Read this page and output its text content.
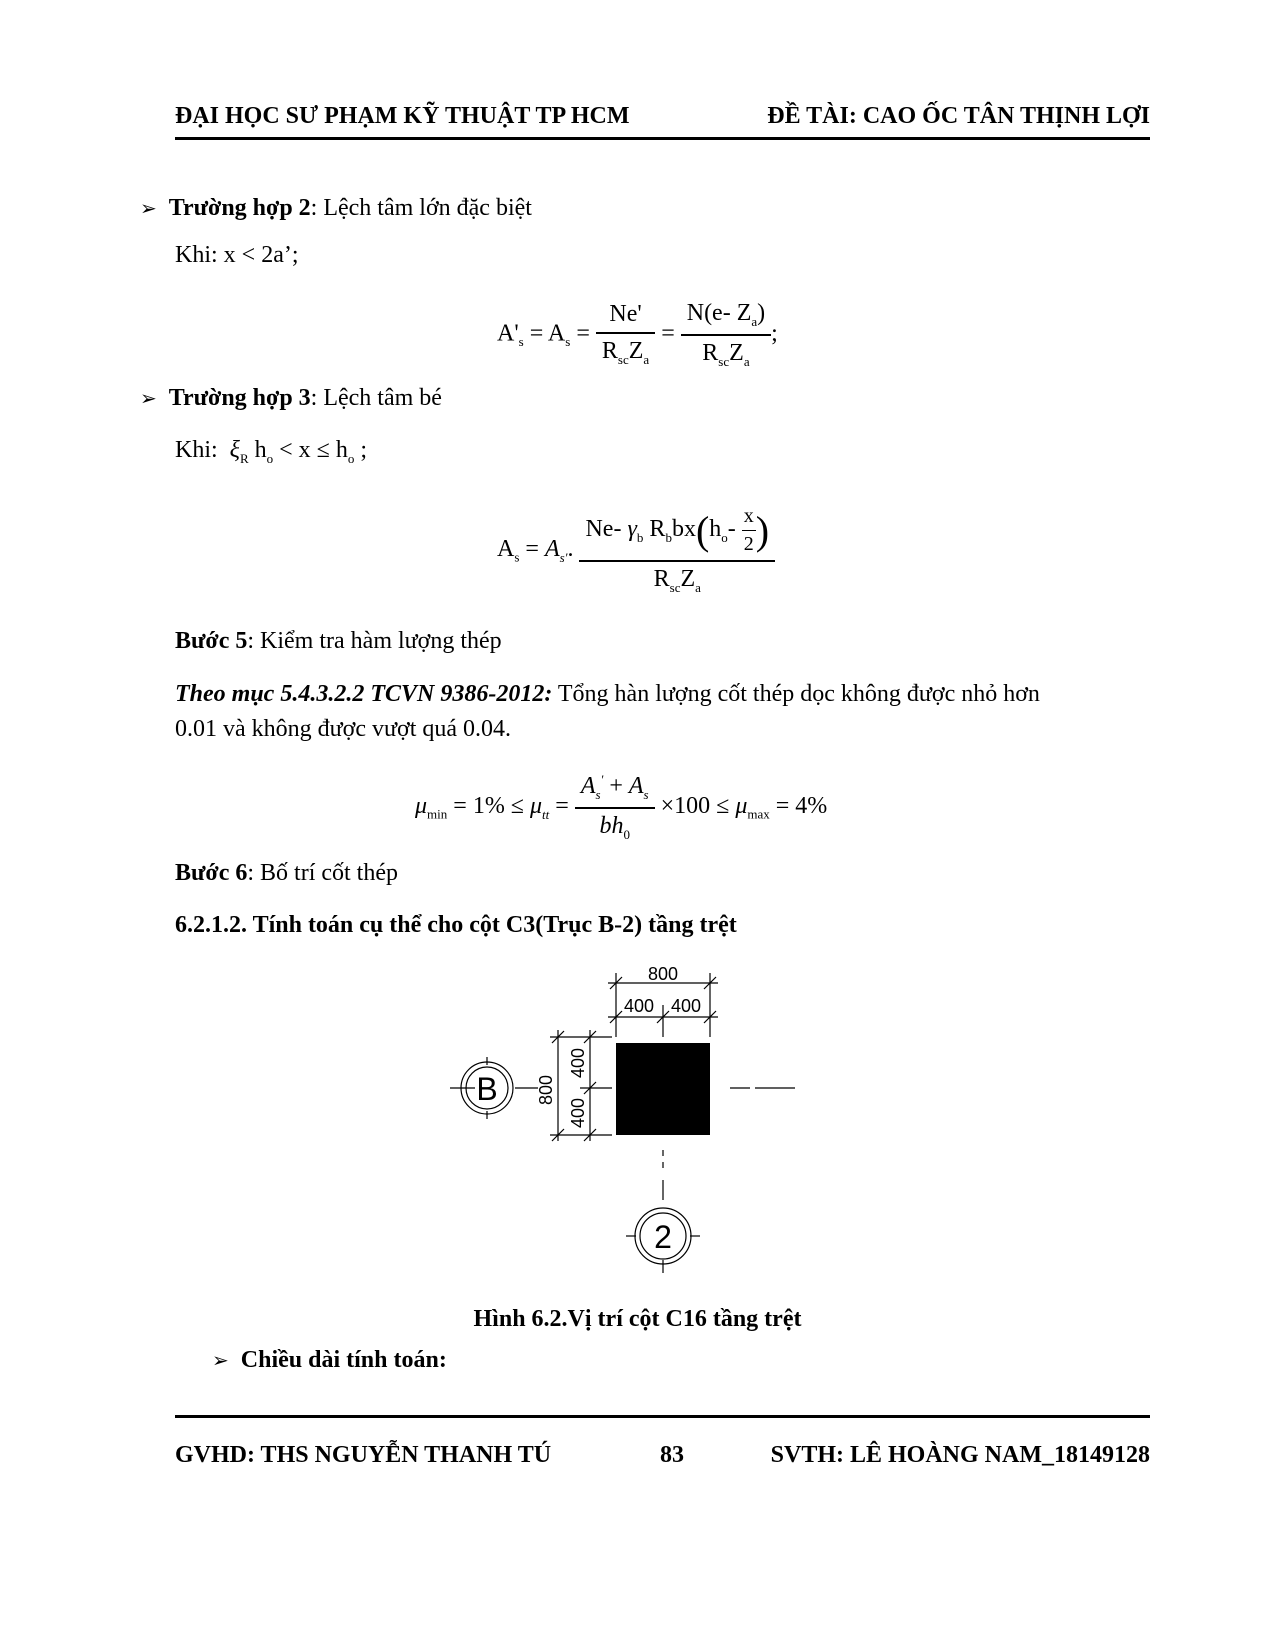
ĐẠI HỌC SƯ PHẠM KỸ THUẬT TP HCM	ĐỀ TÀI: CAO ỐC TÂN THỊNH LỢI
➢ Trường hợp 2: Lệch tâm lớn đặc biệt
Khi: x < 2a’;
$A'_s = A_s = \frac{Ne'}{R_{sc}Z_a} = \frac{N(e- Z_a)}{R_{sc}Z_a}$ ;
➢ Trường hợp 3: Lệch tâm bé
Khi: $\xi_R$ $h_o < x \le h_o$ ;
$A_s = A_{s'}$. $\frac{Ne- \gamma_b R_bbx(h_o- \frac{x}{2} )}{R_{sc}Z_a}$
Bước 5: Kiểm tra hàm lượng thép
Theo mục 5.4.3.2.2 TCVN 9386-2012: Tổng hàn lượng cốt thép dọc không được nhỏ hơn
0.01 và không được vượt quá 0.04.
$\mu_{min} = 1\% \le \mu_{tt} = \frac{A_s' + A_s}{bh_0} \times 100 \le \mu_{max} = 4\%$
Bước 6: Bố trí cốt thép
6.2.1.2. Tính toán cụ thể cho cột C3(Trục B-2) tầng trệt
800
400 400
800
400
400
B
2
Hình 6.2.Vị trí cột C16 tầng trệt
➢ Chiều dài tính toán:
GVHD: THS NGUYỄN THANH TÚ	83	SVTH: LÊ HOÀNG NAM_18149128
